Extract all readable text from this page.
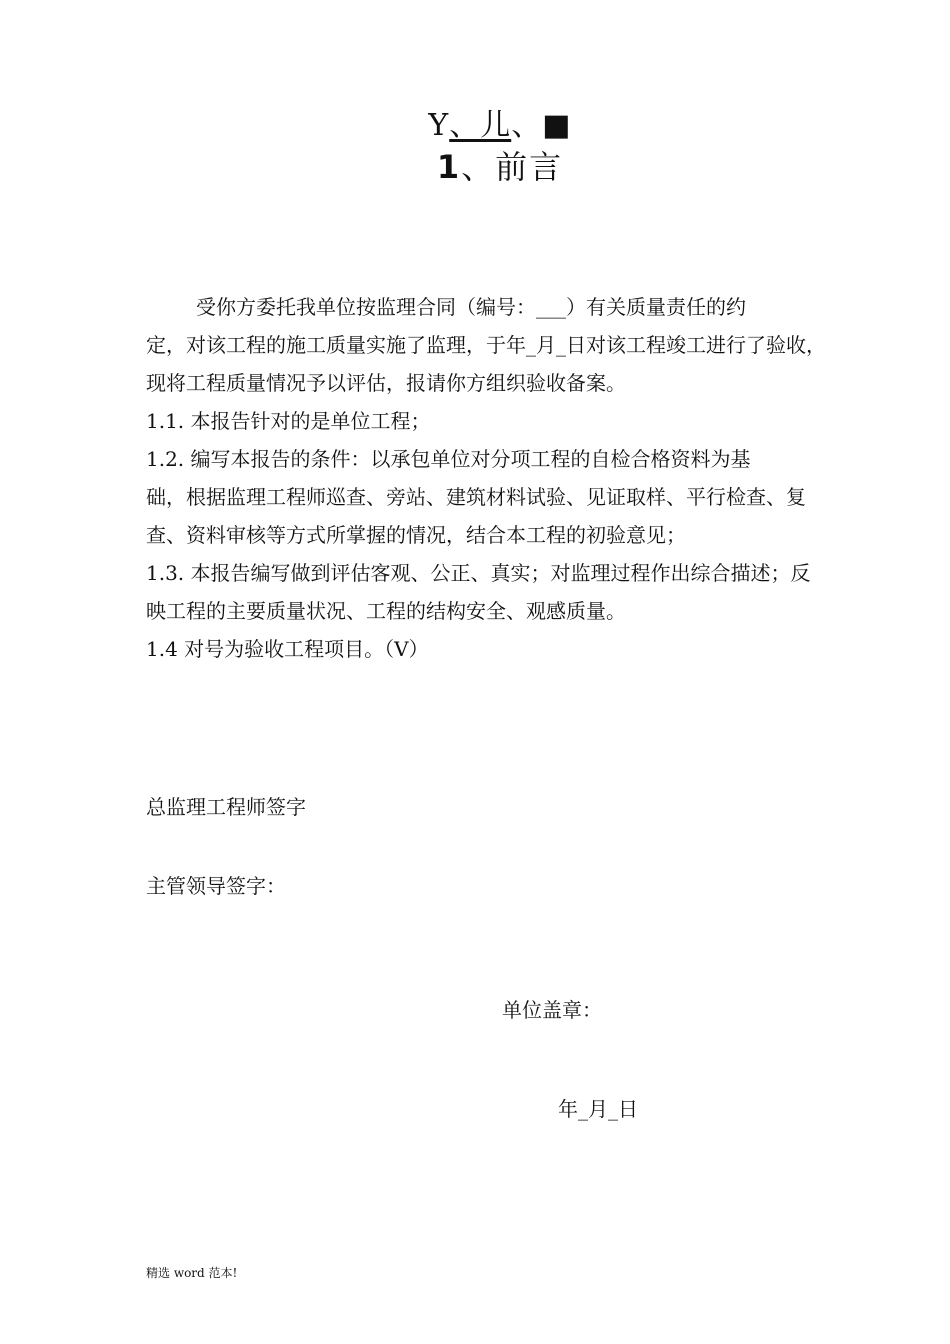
Y、儿、■
1、前言
受你方委托我单位按监理合同（编号：___）有关质量责任的约
定，对该工程的施工质量实施了监理，于年_月_日对该工程竣工进行了验收，
现将工程质量情况予以评估，报请你方组织验收备案。
1.1. 本报告针对的是单位工程；
1.2. 编写本报告的条件：以承包单位对分项工程的自检合格资料为基
础，根据监理工程师巡查、旁站、建筑材料试验、见证取样、平行检查、复
查、资料审核等方式所掌握的情况，结合本工程的初验意见；
1.3. 本报告编写做到评估客观、公正、真实；对监理过程作出综合描述；反
映工程的主要质量状况、工程的结构安全、观感质量。
1.4 对号为验收工程项目。（V）
总监理工程师签字
主管领导签字：
单位盖章：
年_月_日
精选 word 范本!
